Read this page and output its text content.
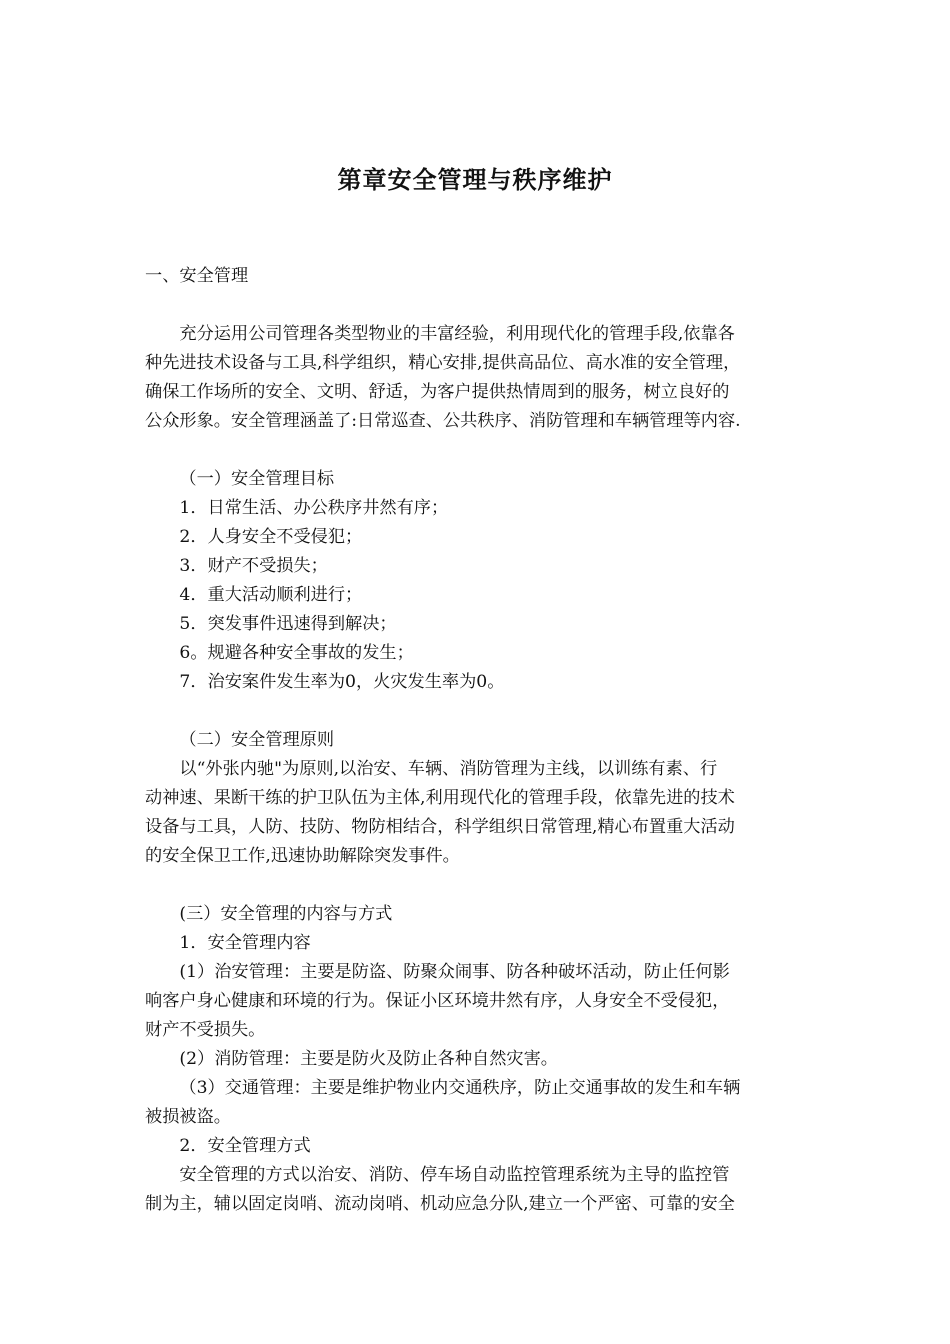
第章安全管理与秩序维护

一、安全管理

充分运用公司管理各类型物业的丰富经验，利用现代化的管理手段,依靠各

种先进技术设备与工具,科学组织，精心安排,提供高品位、高水准的安全管理，

确保工作场所的安全、文明、舒适，为客户提供热情周到的服务，树立良好的

公众形象。安全管理涵盖了:日常巡查、公共秩序、消防管理和车辆管理等内容.

（一）安全管理目标

1．日常生活、办公秩序井然有序；
2．人身安全不受侵犯；
3．财产不受损失；
4．重大活动顺利进行；
5．突发事件迅速得到解决；
6。规避各种安全事故的发生；
7．治安案件发生率为0，火灾发生率为0。

（二）安全管理原则

以“外张内驰"为原则,以治安、车辆、消防管理为主线，以训练有素、行

动神速、果断干练的护卫队伍为主体,利用现代化的管理手段，依靠先进的技术

设备与工具，人防、技防、物防相结合，科学组织日常管理,精心布置重大活动

的安全保卫工作,迅速协助解除突发事件。

(三）安全管理的内容与方式

1．安全管理内容

(1）治安管理：主要是防盗、防聚众闹事、防各种破坏活动，防止任何影

响客户身心健康和环境的行为。保证小区环境井然有序，人身安全不受侵犯，

财产不受损失。

(2）消防管理：主要是防火及防止各种自然灾害。

（3）交通管理：主要是维护物业内交通秩序，防止交通事故的发生和车辆

被损被盗。

2．安全管理方式

安全管理的方式以治安、消防、停车场自动监控管理系统为主导的监控管

制为主，辅以固定岗哨、流动岗哨、机动应急分队,建立一个严密、可靠的安全
